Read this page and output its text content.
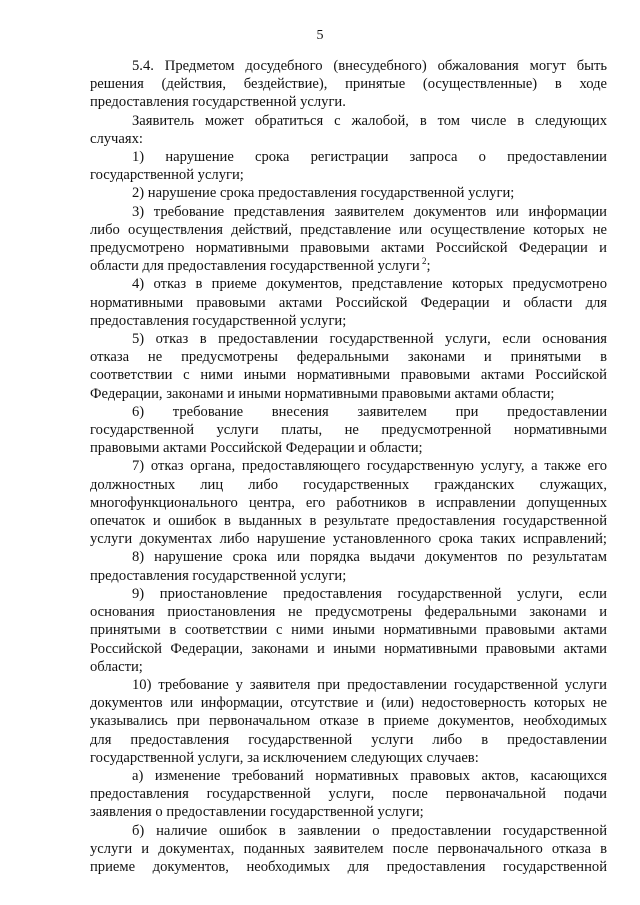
5
5.4. Предметом досудебного (внесудебного) обжалования могут быть
решения (действия, бездействие), принятые (осуществленные) в ходе
предоставления государственной услуги.
Заявитель может обратиться с жалобой, в том числе в следующих
случаях:
1) нарушение срока регистрации запроса о предоставлении
государственной услуги;
2) нарушение срока предоставления государственной услуги;
3) требование представления заявителем документов или информации
либо осуществления действий, представление или осуществление которых не
предусмотрено нормативными правовыми актами Российской Федерации и
области для предоставления государственной услуги $^2$;
4) отказ в приеме документов, представление которых предусмотрено
нормативными правовыми актами Российской Федерации и области для
предоставления государственной услуги;
5) отказ в предоставлении государственной услуги, если основания
отказа не предусмотрены федеральными законами и принятыми в
соответствии с ними иными нормативными правовыми актами Российской
Федерации, законами и иными нормативными правовыми актами области;
6) требование внесения заявителем при предоставлении
государственной услуги платы, не предусмотренной нормативными
правовыми актами Российской Федерации и области;
7) отказ органа, предоставляющего государственную услугу, а также его
должностных лиц либо государственных гражданских служащих,
многофункционального центра, его работников в исправлении допущенных
опечаток и ошибок в выданных в результате предоставления государственной
услуги документах либо нарушение установленного срока таких исправлений;
8) нарушение срока или порядка выдачи документов по результатам
предоставления государственной услуги;
9) приостановление предоставления государственной услуги, если
основания приостановления не предусмотрены федеральными законами и
принятыми в соответствии с ними иными нормативными правовыми актами
Российской Федерации, законами и иными нормативными правовыми актами
области;
10) требование у заявителя при предоставлении государственной услуги
документов или информации, отсутствие и (или) недостоверность которых не
указывались при первоначальном отказе в приеме документов, необходимых
для предоставления государственной услуги либо в предоставлении
государственной услуги, за исключением следующих случаев:
а) изменение требований нормативных правовых актов, касающихся
предоставления государственной услуги, после первоначальной подачи
заявления о предоставлении государственной услуги;
б) наличие ошибок в заявлении о предоставлении государственной
услуги и документах, поданных заявителем после первоначального отказа в
приеме документов, необходимых для предоставления государственной
